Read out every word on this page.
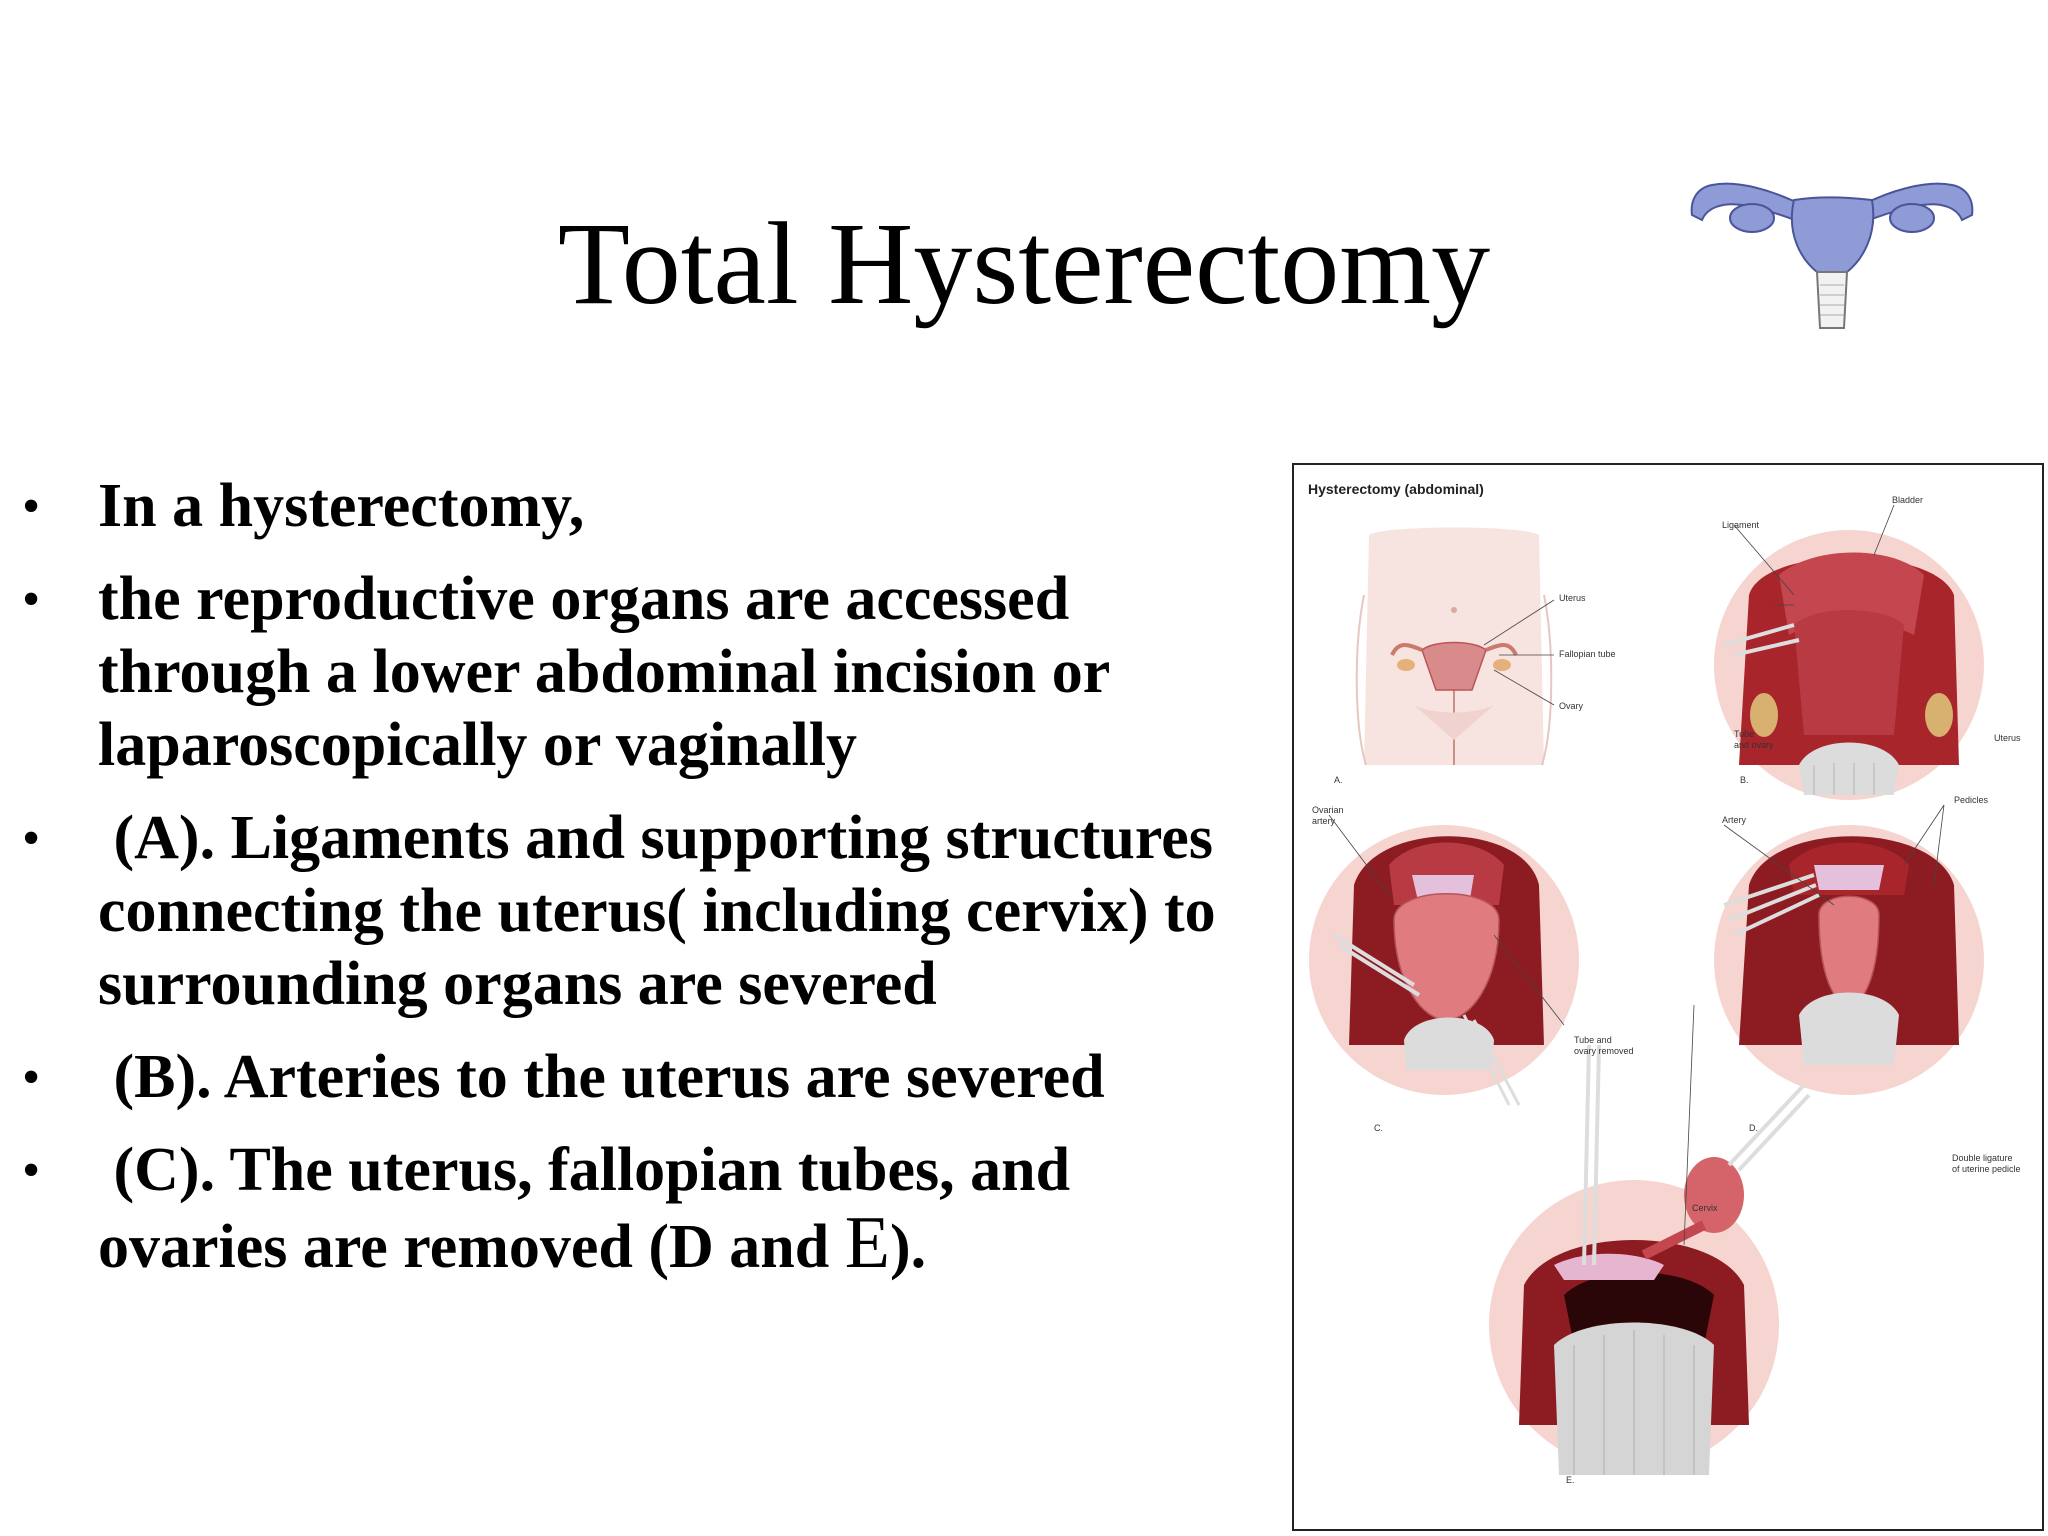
Total Hysterectomy
• In a hysterectomy,
• the reproductive organs are accessed through a lower abdominal incision or laparoscopically or vaginally
• (A). Ligaments and supporting structures connecting the uterus( including cervix) to surrounding organs are severed
• (B). Arteries to the uterus are severed
• (C). The uterus, fallopian tubes, and ovaries are removed (D and E).
Hysterectomy (abdominal)
Uterus
Fallopian tube
Ovary
A.
Bladder
Ligament
Tube
and ovary
Uterus
B.
Ovarian
artery
Tube and
ovary removed
C.
Artery
Pedicles
D.
Double ligature
of uterine pedicle
Cervix
E.
